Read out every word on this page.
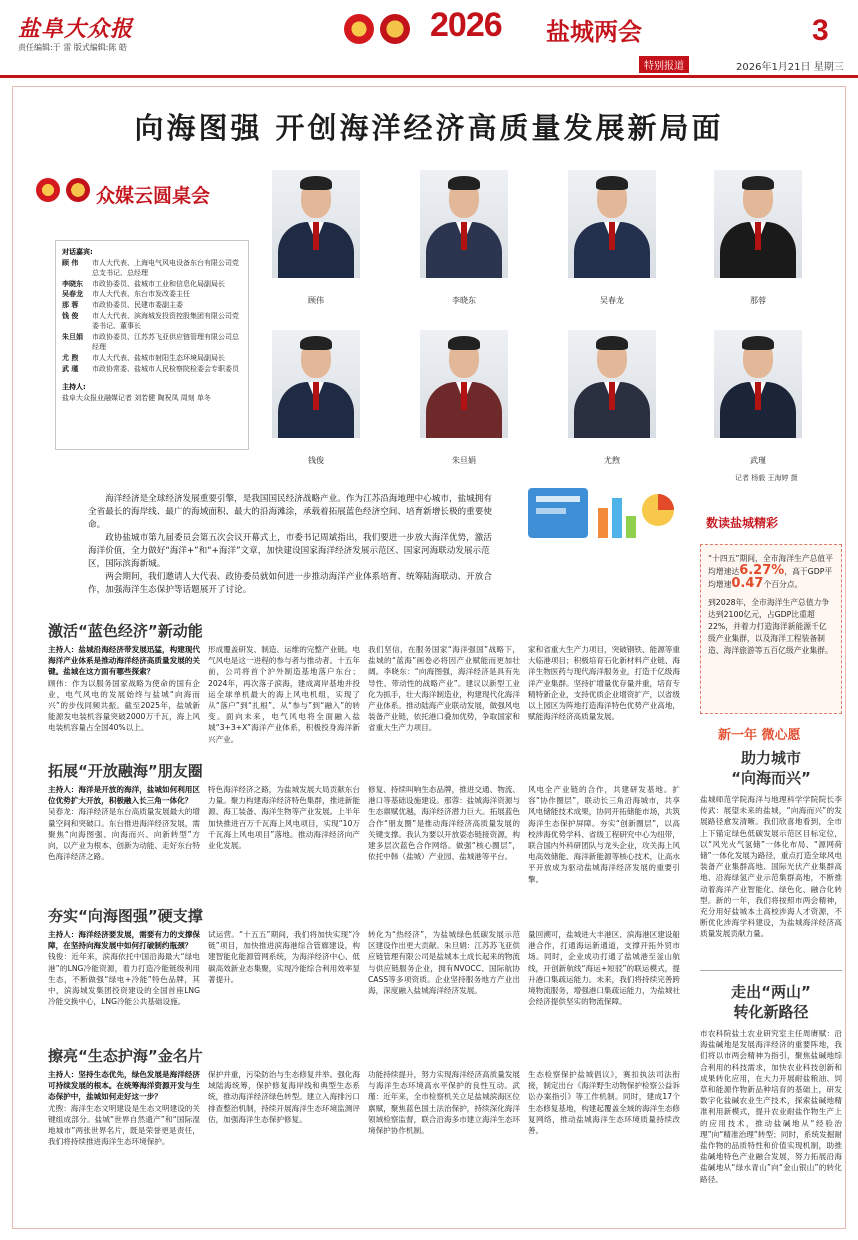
盐阜大众报
责任编辑:于 雷 版式编辑:陈 皓
2026 盐城两会
特别报道	2026年1月21日 星期三
3
向海图强 开创海洋经济高质量发展新局面
众媒云圆桌会
对话嘉宾:
顾 伟	市人大代表、上海电气风电设备东台有限公司党总支书记、总经理
李晓东	市政协委员、盐城市工业和信息化局副局长
吴春龙	市人大代表、东台市发改委主任
那 蓉	市政协委员、民建市委副主委
钱 俊	市人大代表、滨海城发投资控股集团有限公司党委书记、董事长
朱旦娟	市政协委员、江苏苏飞亚供应链管理有限公司总经理
尤 煦	市人大代表、盐城市射阳生态环境局副局长
武 瑾	市政协常委、盐城市人民检察院检委会专职委员
主持人:
盐阜大众报业融媒记者 刘若健 陶祝凤 周刻 单冬
顾伟	李晓东	吴春龙	那蓉
钱俊	朱旦娟	尤煦	武瑾
记者 杨毅 王海婷 摄

海洋经济是全球经济发展重要引擎，是我国国民经济战略产业。作为江苏沿海地理中心城市，盐城拥有全省最长的海岸线、最广的海域面积、最大的沿海滩涂，承载着拓展蓝色经济空间、培育新增长极的重要使命。

政协盐城市第九届委员会第五次会议开幕式上，市委书记周斌指出，我们要进一步放大海洋优势，激活海洋价值，全力做好“海洋+”和“+海洋”文章，加快建设国家海洋经济发展示范区、国家河海联动发展示范区，国际滨海新城。

两会期间，我们邀请人大代表、政协委员就如何进一步推动海洋产业体系培育、统筹陆海联动、开放合作，加强海洋生态保护等话题展开了讨论。

数读盐城精彩
“十四五”期间，全市海洋生产总值平均增速达6.27%，高于GDP平均增速0.47个百分点。
到2028年，全市海洋生产总值力争达到2100亿元，占GDP比重超22%，并着力打造海洋新能源千亿级产业集群，以及海洋工程装备制造、海洋旅游等五百亿级产业集群。
新一年 微心愿
助力城市
“向海而兴”
盐城师范学院海洋与地理科学学院院长李传武：展望未来的盐城，“向海而兴”的发展路径愈发清晰。我们欣喜地看到，全市上下锚定绿色低碳发展示范区目标定位，以“风光火气氢储”一体化布局、“源网荷储”一体化发展为路径，重点打造全球风电装备产业集群高地、国际光伏产业集群高地、沿海绿氢产业示范集群高地，不断推动着海洋产业智能化、绿色化、融合化转型。新的一年，我们将按照市两会精神，充分用好盐城本土高校涉海人才资源，不断优化涉海学科建设，为盐城海洋经济高质量发展贡献力量。
走出“两山”
转化新路径
市农科院盐土农业研究室主任周赓赋：沿海盐碱地是发展海洋经济的重要阵地，我们将以市两会精神为指引，聚焦盐碱地综合利用的科技需求，加快农业科技创新和成果转化应用，在大力开展耐盐粮油、饲草和能源作物新品种培育的基础上，研发数字化盐碱农业生产技术，探索盐碱地精准利用新模式，提升农业耐盐作物生产上的应用技术，推动盐碱地从“经验治理”向“精准治理”转型；同时，系统发掘耐盐作物的品质特性和价值实现机制，助推盐碱地特色产业融合发展，努力拓展沿海盐碱地从“绿水青山”向“金山银山”的转化路径。
激活“蓝色经济”新动能
主持人：盐城沿海经济带发展迅猛，构建现代海洋产业体系是推动海洋经济高质量发展的关键。盐城在这方面有哪些探索？
顾伟：作为以服务国家战略为使命的国有企业，电气风电的发展始终与盐城“向海而兴”的步伐同频共振。截至2025年，盐城新能源发电装机容量突破2000万千瓦，海上风电装机容量占全国40%以上。
形成覆盖研发、制造、运维的完整产业链。电气风电是这一进程的参与者与推动者。十五年前，公司将首个沪外制造基地落户东台；2024年，再次落子滨海，建成离岸基地并投运全球单机最大的海上风电机组，实现了从“落户”到“扎根”、从“参与”到“融入”的转变。面向未来，电气风电将全面融入盐城“3+3+X”海洋产业体系，积极投身海洋新兴产业。
我们坚信，在服务国家“海洋强国”战略下，盐城的“蓝海”画卷必将因产业赋能而更加壮阔。李晓东：“向海图强，海洋经济是具有先导性、带动性的战略产业”。建议以新型工业化为抓手，壮大海洋制造业，构建现代化海洋产业体系。推动陆海产业联动发展，做强风电装备产业链，依托港口叠加优势，争取国家和省重大生产力项目。
家和省重大生产力项目，突破钢铁、能源等重大临港项目；积极培育石化新材料产业链、海洋生物医药与现代海洋服务业，打造千亿级海洋产业集群。坚持扩增量优存量并重，培育专精特新企业，支持优质企业增资扩产，以省级以上园区为阵地打造海洋特色优势产业高地，赋能海洋经济高质量发展。
拓展“开放融海”朋友圈
主持人：海洋是开放的海洋，盐城如何利用区位优势扩大开放，积极融入长三角一体化？
吴春龙：海洋经济是东台高质量发展最大的增量空间和突破口。东台推进海洋经济发展，需聚焦“向海图强、向海而兴、向新转型”方向，以产业为根本、创新为动能、走好东台特色海洋经济之路。
特色海洋经济之路，为盐城发展大局贡献东台力量。聚力构建海洋经济特色集群，推进新能源、海工装备、海洋生物等产业发展。上半年加快推进百万千瓦海上风电项目，实现“10万千瓦海上风电项目”落地。推动海洋经济向产业化发展。
修复、持续叫响生态品牌，推进交通、物流、港口等基础设施建设。那蓉：盐城海洋资源与生态禀赋优越，海洋经济潜力巨大。拓展蓝色合作“朋友圈”是推动海洋经济高质量发展的关键支撑。我认为要以开放姿态链接资源，构建多层次蓝色合作网络。做强“核心圈层”，依托中韩（盐城）产业园、盐城港等平台。
风电全产业链的合作，共建研发基地。扩容“协作圈层”，联动长三角沿海城市，共享风电储能技术成果，协同开拓储能市场，共筑海洋生态保护屏障。夯实“创新圈层”，以高校涉海优势学科、省级工程研究中心为纽带，联合国内外科研团队与龙头企业，攻关海上风电高效储能、海洋新能源等核心技术，让高水平开放成为驱动盐城海洋经济发展的重要引擎。
夯实“向海图强”硬支撑
主持人：海洋经济要发展，需要有力的支撑保障，在坚持向海发展中如何打破制约瓶颈？
钱俊：近年来，滨海依托中国沿海最大“绿电港”的LNG冷能资源，着力打造冷能链级利用生态，不断做强“绿电+冷能”特色品牌，其中，滨海城发集团投资建设的全国首座LNG冷能交换中心，LNG冷能公共基础设施。
试运营。“十五五”期间，我们将加快实现“冷链”项目，加快推进滨海港综合管廊建设，构建智能化能源管网系统，为海洋经济中心、低碳高效新业态集聚，实现冷能综合利用效率显著提升。
转化为“热经济”，为盐城绿色低碳发展示范区建设作出更大贡献。朱旦娟：江苏苏飞亚供应链管理有限公司是盐城本土成长起来的物流与供应链服务企业，拥有NVOCC、国际航协CASS等多项资质。企业坚持服务地方产业出海，深度融入盐城海洋经济发展。
量回溯可，盐城进大丰港区、滨海港区建设船港合作，打通海运新通道，支撑开拓外贸市场。同时，企业成功打通了盐城港至釜山航线，开创新航线“海运+短驳”的联运模式，提升港口集疏运能力。未来，我们将持续完善跨境物流服务，增强港口集疏运能力，为盐城社会经济提供坚实的物流保障。
擦亮“生态护海”金名片
主持人：坚持生态优先，绿色发展是海洋经济可持续发展的根本。在统筹海洋资源开发与生态保护中，盐城如何走好这一步？
尤煦：海洋生态文明建设是生态文明建设的关键组成部分。盐城“世界自然遗产”和“国际湿地城市”两张世界名片，既是荣誉更是责任，我们将持续推进海洋生态环境保护。
保护并重，污染防治与生态修复并举。强化海域陆海统筹，保护修复海岸线和典型生态系统，推动海洋经济绿色转型。建立入海排污口排查整治机制，持续开展海洋生态环境监测评估，加强海洋生态保护修复。
功能持续提升，努力实现海洋经济高质量发展与海洋生态环境高水平保护的良性互动。武瑾：近年来，全市检察机关立足盐城滨海区位禀赋，聚焦蓝色国土法治保护，持续深化海洋领域检察监督，联合沿海多市建立海洋生态环境保护协作机制。
生态检察保护盐城倡议》，赛扣执法司法衔接，制定出台《海洋野生动物保护检察公益诉讼办案指引》等工作机制。同时，建成17个生态修复基地，构建起覆盖全域的海洋生态修复网络，推动盐城海洋生态环境质量持续改善。
